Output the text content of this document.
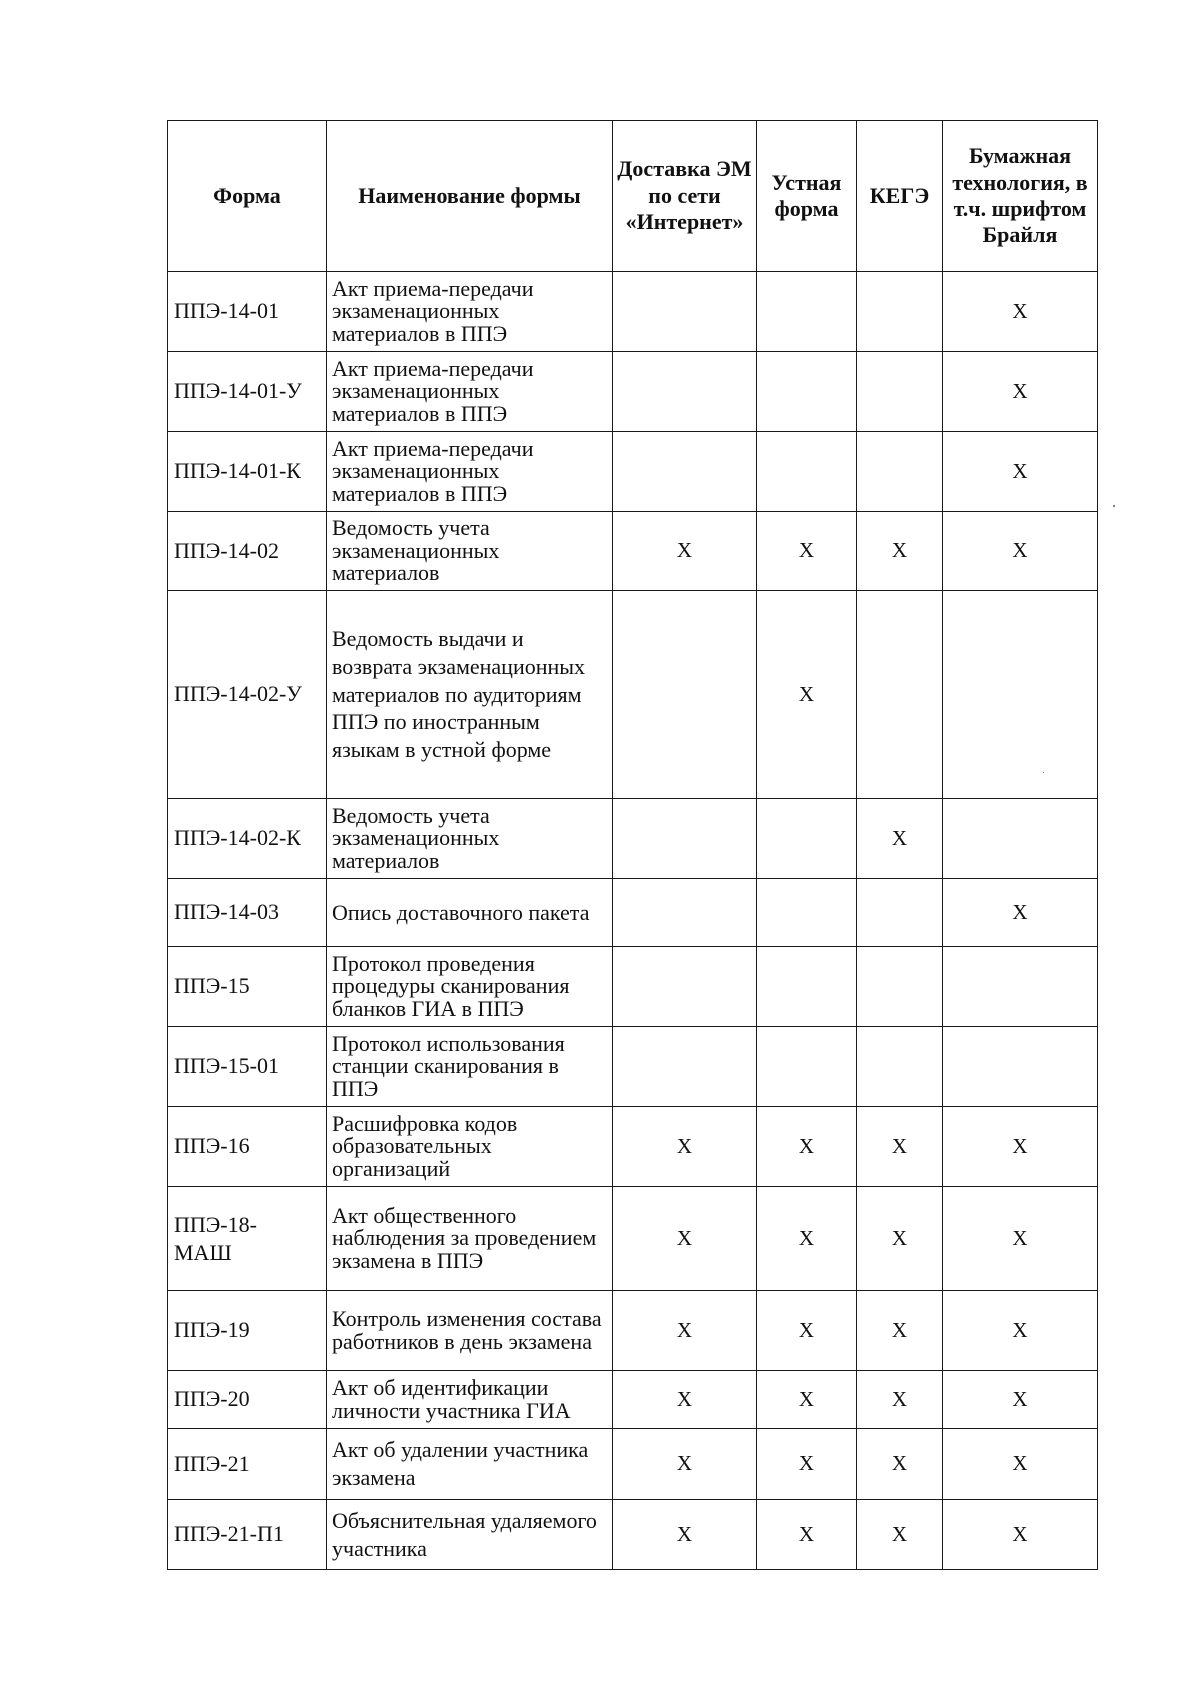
Форма	Наименование формы	Доставка ЭМ по сети «Интернет»	Устная форма	КЕГЭ	Бумажная технология, в т.ч. шрифтом Брайля
ППЭ-14-01	Акт приема-передачи экзаменационных материалов в ППЭ				X
ППЭ-14-01-У	Акт приема-передачи экзаменационных материалов в ППЭ				X
ППЭ-14-01-К	Акт приема-передачи экзаменационных материалов в ППЭ				X
ППЭ-14-02	Ведомость учета экзаменационных материалов	X	X	X	X
ППЭ-14-02-У	Ведомость выдачи и возврата экзаменационных материалов по аудиториям ППЭ по иностранным языкам в устной форме		X		
ППЭ-14-02-К	Ведомость учета экзаменационных материалов			X	
ППЭ-14-03	Опись доставочного пакета				X
ППЭ-15	Протокол проведения процедуры сканирования бланков ГИА в ППЭ				
ППЭ-15-01	Протокол использования станции сканирования в ППЭ				
ППЭ-16	Расшифровка кодов образовательных организаций	X	X	X	X
ППЭ-18-МАШ	Акт общественного наблюдения за проведением экзамена в ППЭ	X	X	X	X
ППЭ-19	Контроль изменения состава работников в день экзамена	X	X	X	X
ППЭ-20	Акт об идентификации личности участника ГИА	X	X	X	X
ППЭ-21	Акт об удалении участника экзамена	X	X	X	X
ППЭ-21-П1	Объяснительная удаляемого участника	X	X	X	X
